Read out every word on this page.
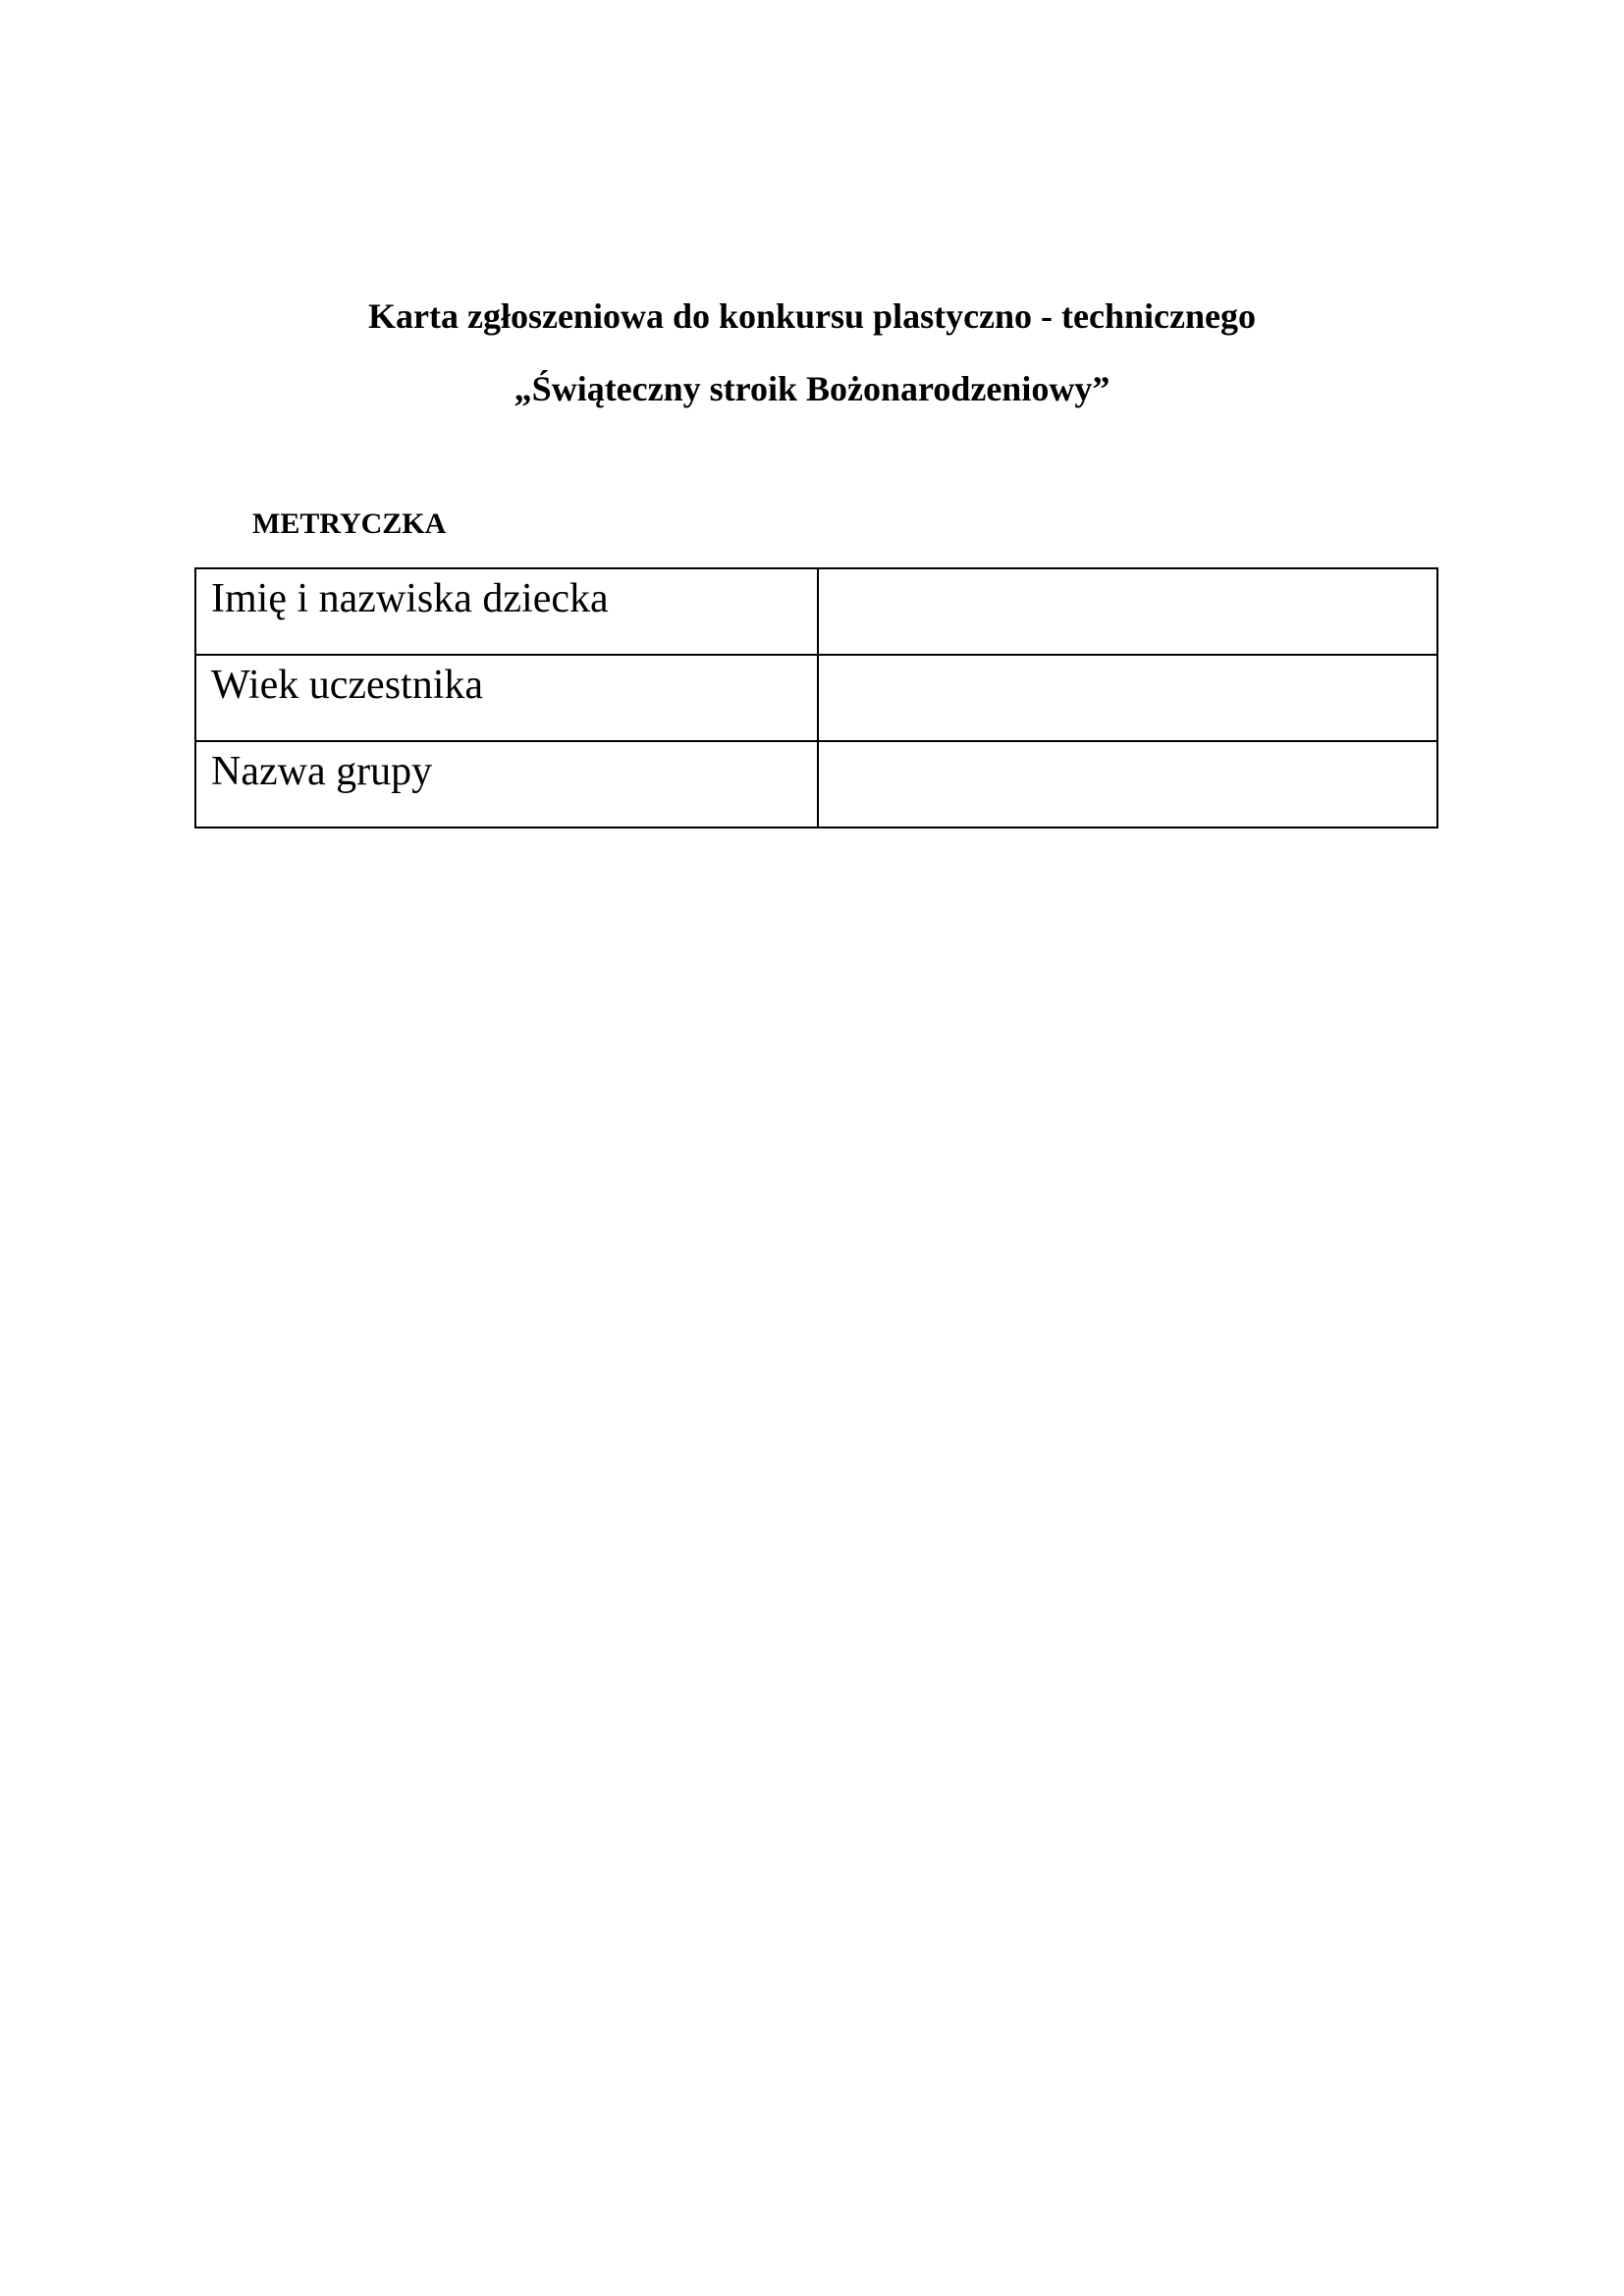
Karta zgłoszeniowa do konkursu plastyczno - technicznego
„Świąteczny stroik Bożonarodzeniowy”
METRYCZKA
Imię i nazwiska dziecka	

Wiek uczestnika	

Nazwa grupy	
